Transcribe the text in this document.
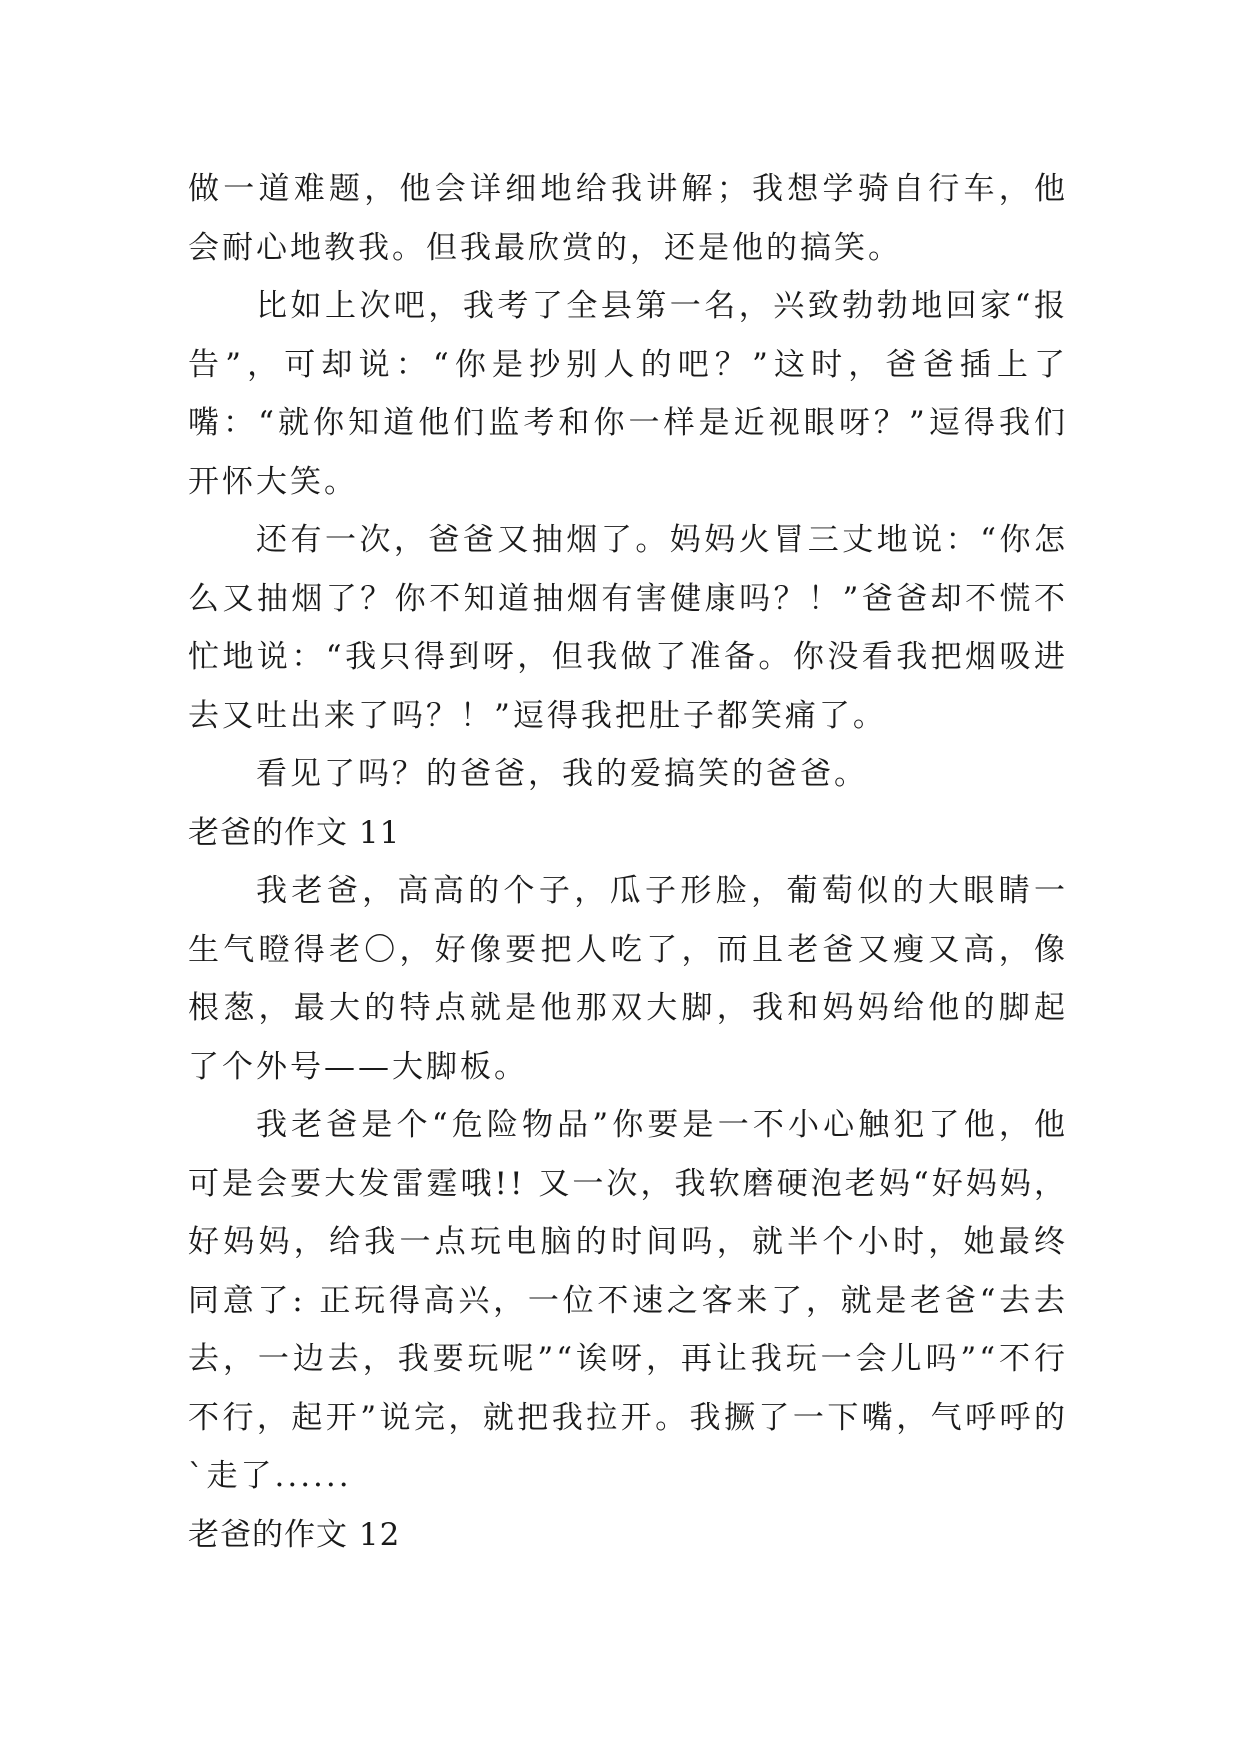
做一道难题，他会详细地给我讲解；我想学骑自行车，他会耐心地教我。但我最欣赏的，还是他的搞笑。

比如上次吧，我考了全县第一名，兴致勃勃地回家“报告”，可却说：“你是抄别人的吧？”这时，爸爸插上了嘴：“就你知道他们监考和你一样是近视眼呀？”逗得我们开怀大笑。

还有一次，爸爸又抽烟了。妈妈火冒三丈地说：“你怎么又抽烟了？你不知道抽烟有害健康吗？！”爸爸却不慌不忙地说：“我只得到呀，但我做了准备。你没看我把烟吸进去又吐出来了吗？！”逗得我把肚子都笑痛了。

看见了吗？的爸爸，我的爱搞笑的爸爸。

老爸的作文 11

我老爸，高高的个子，瓜子形脸，葡萄似的大眼睛一生气瞪得老〇，好像要把人吃了，而且老爸又瘦又高，像根葱，最大的特点就是他那双大脚，我和妈妈给他的脚起了个外号——大脚板。

我老爸是个“危险物品”你要是一不小心触犯了他，他可是会要大发雷霆哦!! 又一次，我软磨硬泡老妈“好妈妈，好妈妈，给我一点玩电脑的时间吗，就半个小时，她最终同意了: 正玩得高兴，一位不速之客来了，就是老爸“去去去，一边去，我要玩呢”“诶呀，再让我玩一会儿吗”“不行不行，起开”说完，就把我拉开。我撅了一下嘴，气呼呼的`走了......

老爸的作文 12
